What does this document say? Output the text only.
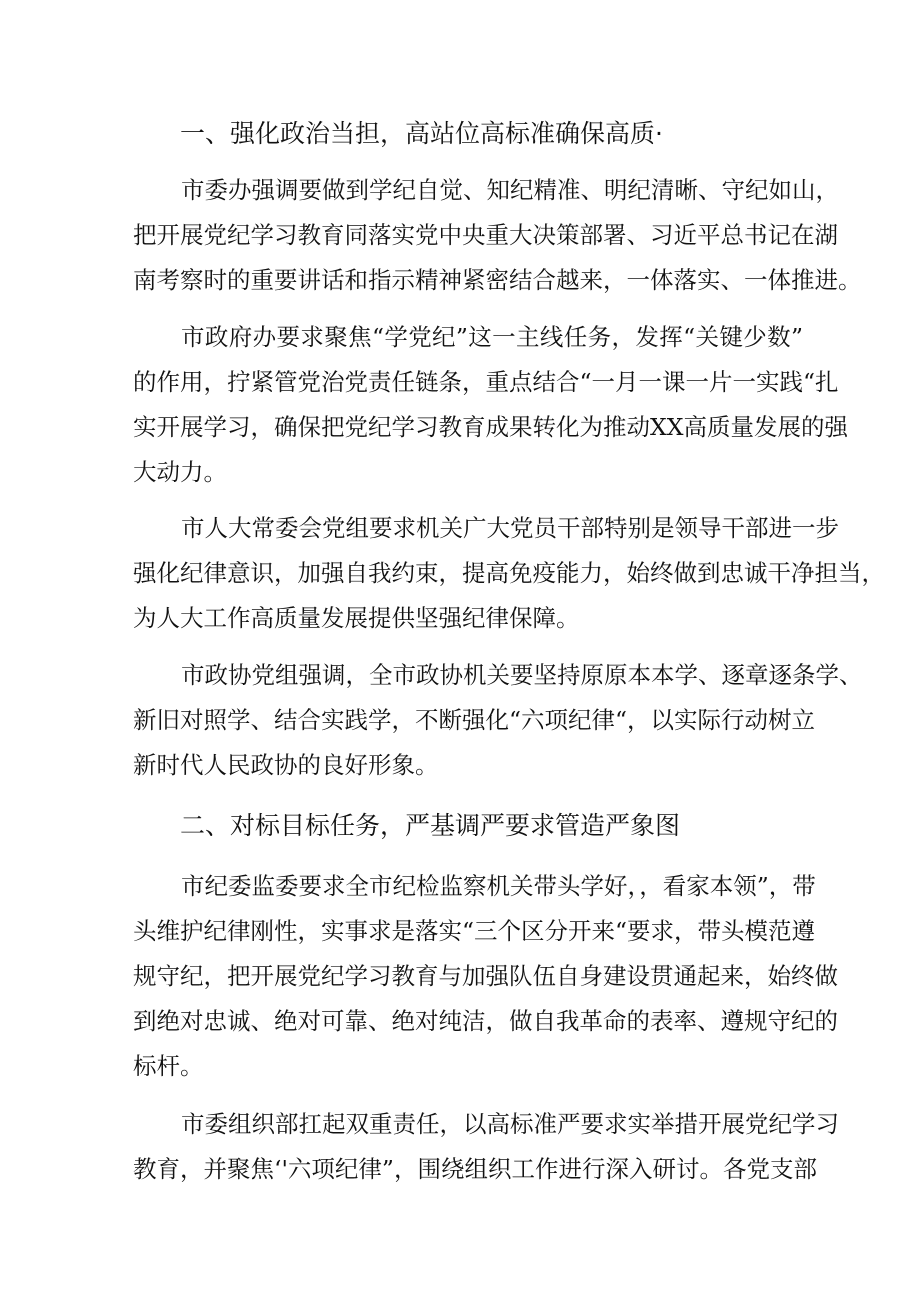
一、强化政治当担，高站位高标准确保高质·
市委办强调要做到学纪自觉、知纪精准、明纪清晰、守纪如山，
把开展党纪学习教育同落实党中央重大决策部署、习近平总书记在湖
南考察时的重要讲话和指示精神紧密结合越来，一体落实、一体推进。
市政府办要求聚焦“学党纪”这一主线任务，发挥“关键少数”
的作用，拧紧管党治党责任链条，重点结合“一月一课一片一实践“扎
实开展学习，确保把党纪学习教育成果转化为推动XX高质量发展的强
大动力。
市人大常委会党组要求机关广大党员干部特别是领导干部进一步
强化纪律意识，加强自我约束，提高免疫能力，始终做到忠诚干净担当，
为人大工作高质量发展提供坚强纪律保障。
市政协党组强调，全市政协机关要坚持原原本本学、逐章逐条学、
新旧对照学、结合实践学，不断强化“六项纪律“，以实际行动树立
新时代人民政协的良好形象。
二、对标目标任务，严基调严要求管造严象图
市纪委监委要求全市纪检监察机关带头学好，，看家本领”，带
头维护纪律刚性，实事求是落实“三个区分开来“要求，带头模范遵
规守纪，把开展党纪学习教育与加强队伍自身建设贯通起来，始终做
到绝对忠诚、绝对可靠、绝对纯洁，做自我革命的表率、遵规守纪的
标杆。
市委组织部扛起双重责任，以高标准严要求实举措开展党纪学习
教育，并聚焦‘'六项纪律”，围绕组织工作进行深入研讨。各党支部
